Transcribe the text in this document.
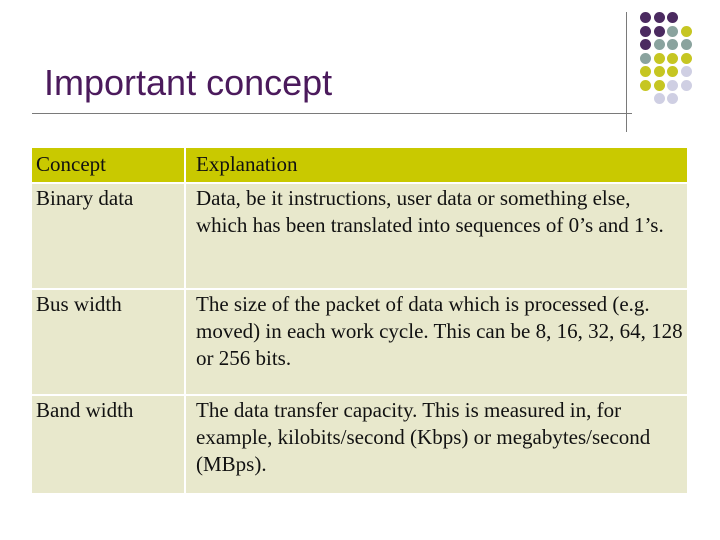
Important concept
Concept	Explanation
Binary data	Data, be it instructions, user data or something else, which has been translated into sequences of 0’s and 1’s.
Bus width	The size of the packet of data which is processed (e.g. moved) in each work cycle. This can be 8, 16, 32, 64, 128 or 256 bits.
Band width	The data transfer capacity. This is measured in, for example, kilobits/second (Kbps) or megabytes/second (MBps).
